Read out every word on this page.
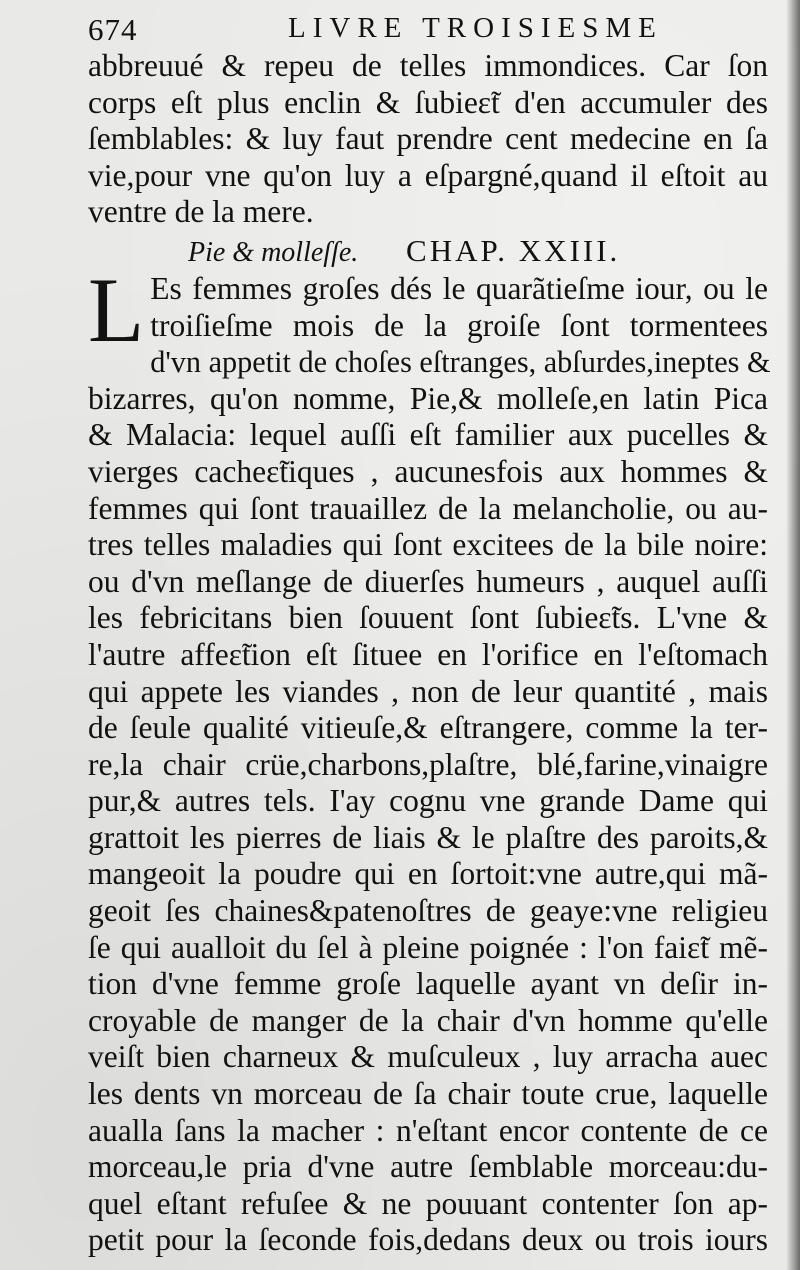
674	LIVRE TROISIESME
abbreuué & repeu de telles immondices. Car ſon
corps eſt plus enclin & ſubieɛ̃t d'en accumuler des
ſemblables: & luy faut prendre cent medecine en ſa
vie,pour vne qu'on luy a eſpargné,quand il eſtoit au
ventre de la mere.
Pie & molleſſe. CHAP. XXIII.
L Es femmes groſes dés le quarãtieſme iour, ou le
troiſieſme mois de la groiſe ſont tormentees
d'vn appetit de choſes eſtranges, abſurdes,ineptes &
bizarres, qu'on nomme, Pie,& molleſe,en latin Pica
& Malacia: lequel auſſi eſt familier aux pucelles &
vierges cacheɛ̃tiques , aucunesfois aux hommes &
femmes qui ſont trauaillez de la melancholie, ou au-
tres telles maladies qui ſont excitees de la bile noire:
ou d'vn meſlange de diuerſes humeurs , auquel auſſi
les febricitans bien ſouuent ſont ſubieɛ̃ts. L'vne &
l'autre affeɛ̃tion eſt ſituee en l'orifice en l'eſtomach
qui appete les viandes , non de leur quantité , mais
de ſeule qualité vitieuſe,& eſtrangere, comme la ter-
re,la chair crüe,charbons,plaſtre, blé,farine,vinaigre
pur,& autres tels. I'ay cognu vne grande Dame qui
grattoit les pierres de liais & le plaſtre des paroits,&
mangeoit la poudre qui en ſortoit:vne autre,qui mã-
geoit ſes chaines&patenoſtres de geaye:vne religieu
ſe qui aualloit du ſel à pleine poignée : l'on faiɛ̃t mẽ-
tion d'vne femme groſe laquelle ayant vn deſir in-
croyable de manger de la chair d'vn homme qu'elle
veiſt bien charneux & muſculeux , luy arracha auec
les dents vn morceau de ſa chair toute crue, laquelle
aualla ſans la macher : n'eſtant encor contente de ce
morceau,le pria d'vne autre ſemblable morceau:du-
quel eſtant refuſee & ne pouuant contenter ſon ap-
petit pour la ſeconde fois,dedans deux ou trois iours
